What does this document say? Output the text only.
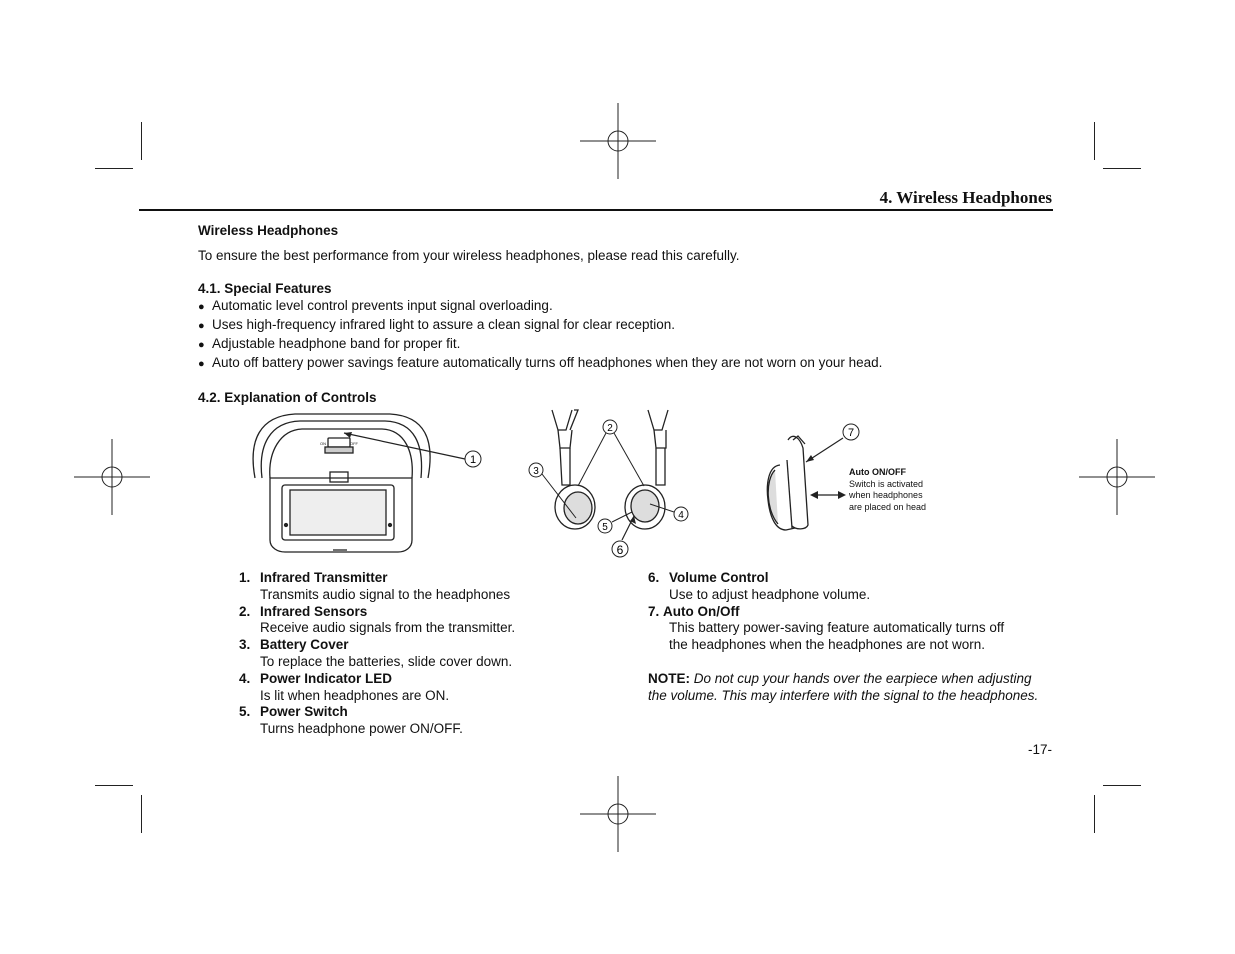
4. Wireless Headphones

Wireless Headphones

To ensure the best performance from your wireless headphones, please read this carefully.

4.1. Special Features

● Automatic level control prevents input signal overloading.
● Uses high-frequency infrared light to assure a clean signal for clear reception.
● Adjustable headphone band for proper fit.
● Auto off battery power savings feature automatically turns off headphones when they are not worn on your head.

4.2. Explanation of Controls

ON	OFF
1
2
3
4
5
6
7
Auto ON/OFF
Switch is activated
when headphones
are placed on head
1. Infrared Transmitter
Transmits audio signal to the headphones
2. Infrared Sensors
Receive audio signals from the transmitter.
3. Battery Cover
To replace the batteries, slide cover down.
4. Power Indicator LED
Is lit when headphones are ON.
5. Power Switch
Turns headphone power ON/OFF.
6. Volume Control
Use to adjust headphone volume.
7. Auto On/Off
This battery power-saving feature automatically turns off
the headphones when the headphones are not worn.
NOTE: Do not cup your hands over the earpiece when adjusting the volume. This may interfere with the signal to the headphones.
-17-
